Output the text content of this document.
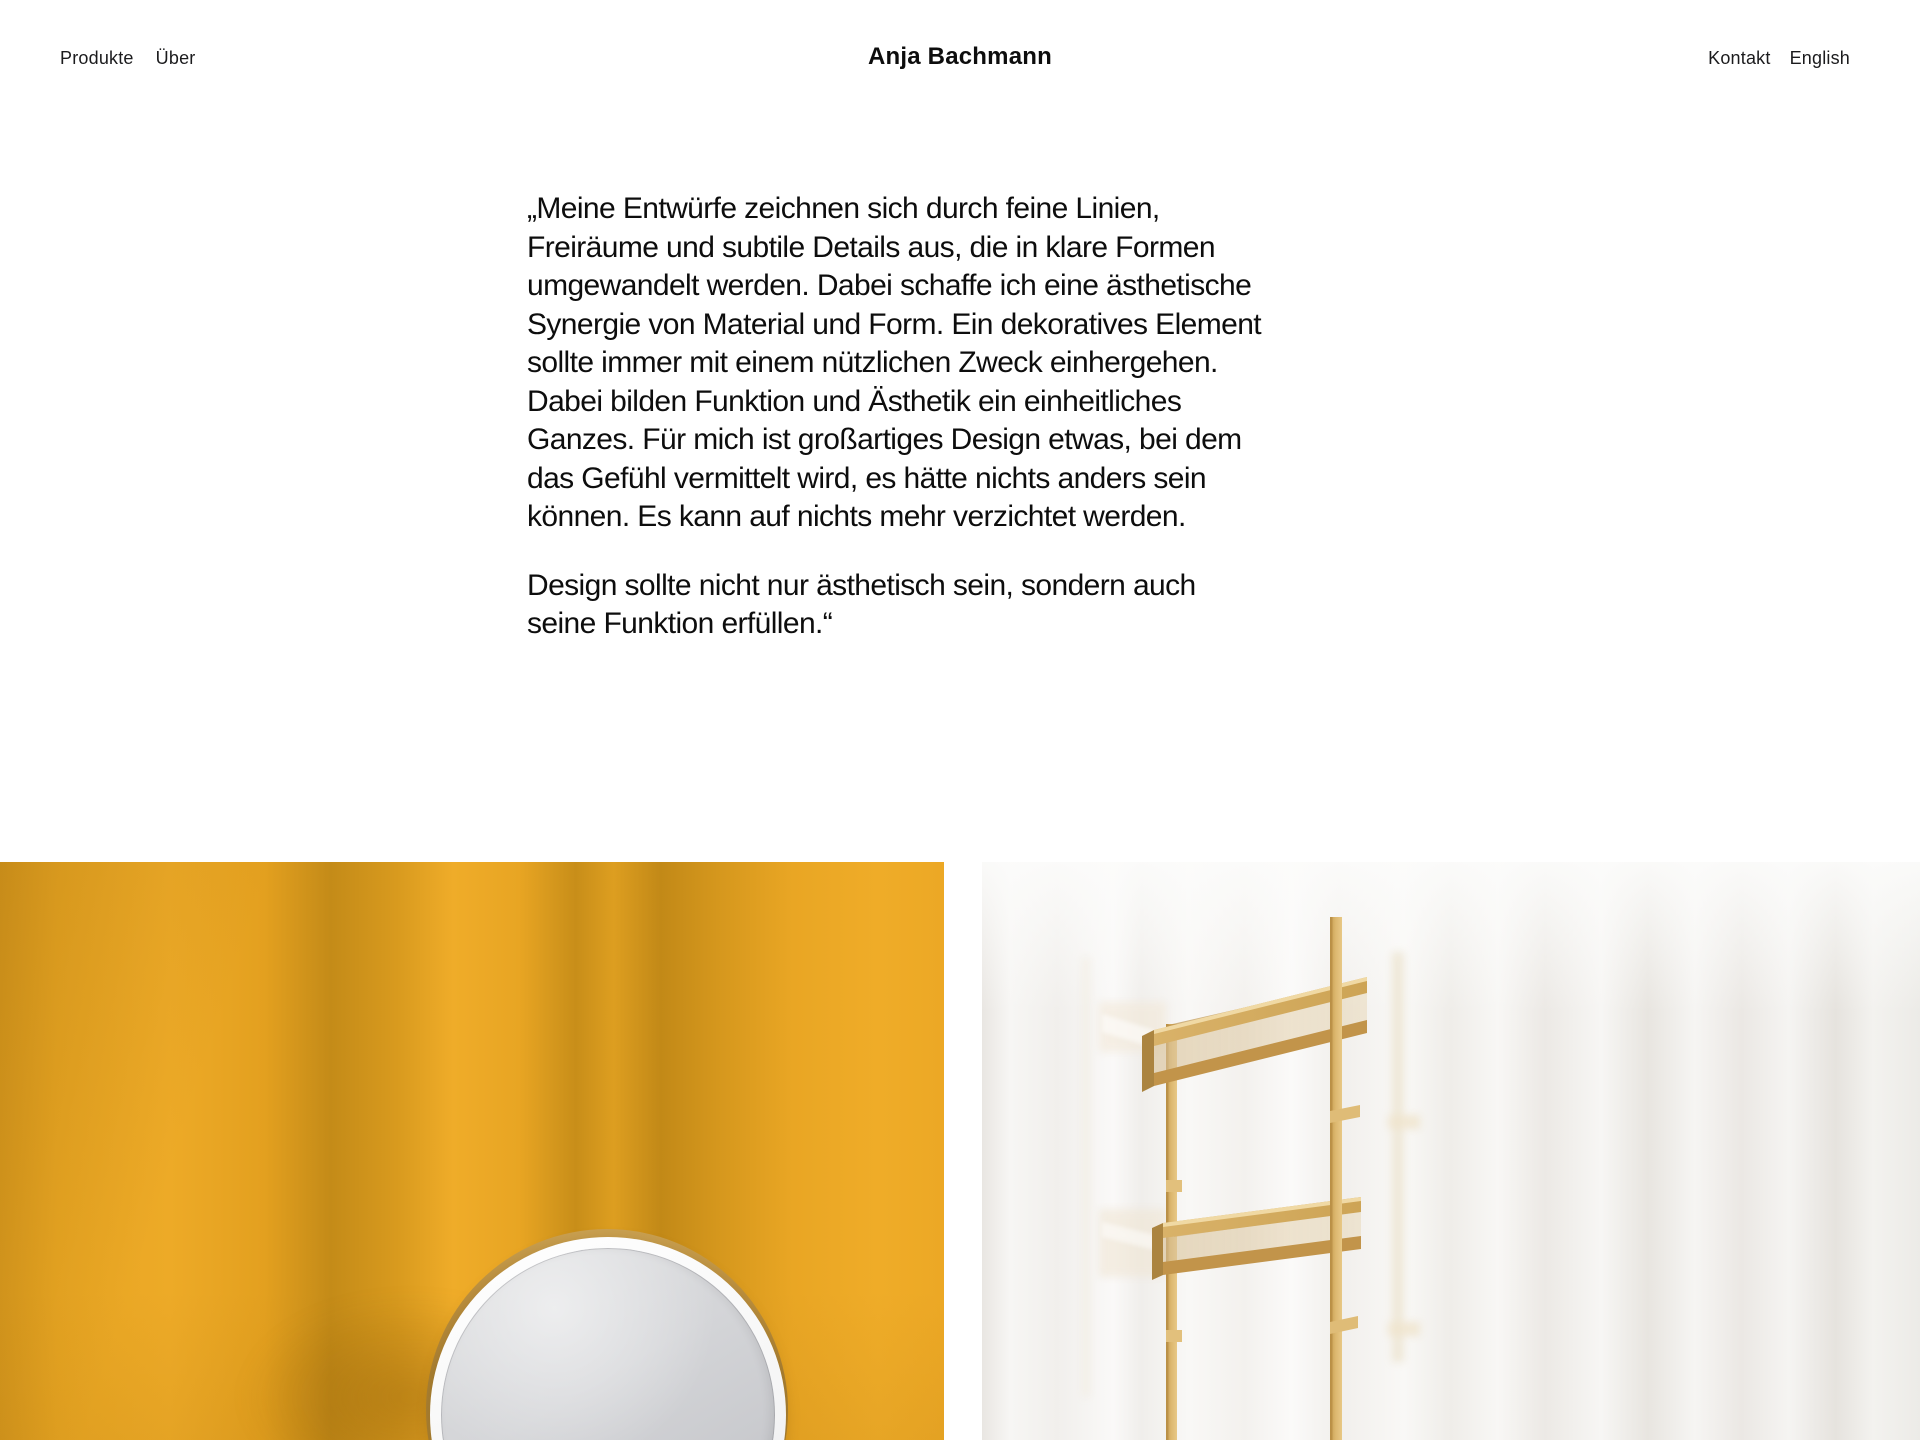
Produkte Über	Anja Bachmann	Kontakt English
„Meine Entwürfe zeichnen sich durch feine Linien,
Freiräume und subtile Details aus, die in klare Formen
umgewandelt werden. Dabei schaffe ich eine ästhetische
Synergie von Material und Form. Ein dekoratives Element
sollte immer mit einem nützlichen Zweck einhergehen.
Dabei bilden Funktion und Ästhetik ein einheitliches
Ganzes. Für mich ist großartiges Design etwas, bei dem
das Gefühl vermittelt wird, es hätte nichts anders sein
können. Es kann auf nichts mehr verzichtet werden.
Design sollte nicht nur ästhetisch sein, sondern auch
seine Funktion erfüllen.“
